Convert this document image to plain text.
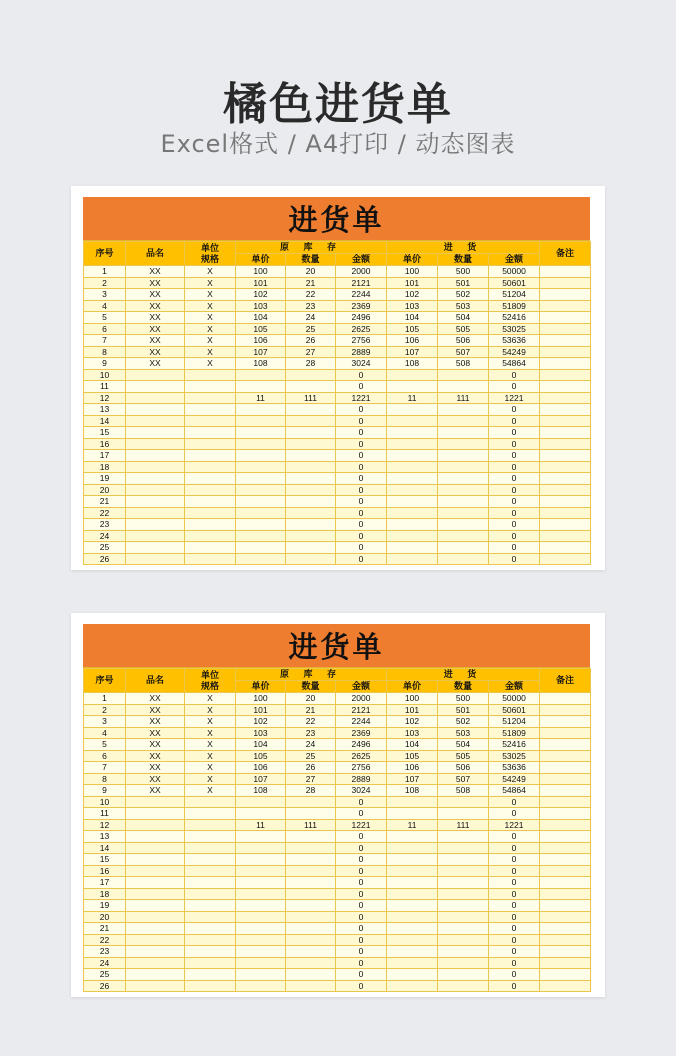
橘色进货单
Excel格式 / A4打印 / 动态图表
进货单
序号	品名	单位规格	原 库 存			进 货			备注
			单价	数量	金额	单价	数量	金额	
1	XX	X	100	20	2000	100	500	50000	
2	XX	X	101	21	2121	101	501	50601	
3	XX	X	102	22	2244	102	502	51204	
4	XX	X	103	23	2369	103	503	51809	
5	XX	X	104	24	2496	104	504	52416	
6	XX	X	105	25	2625	105	505	53025	
7	XX	X	106	26	2756	106	506	53636	
8	XX	X	107	27	2889	107	507	54249	
9	XX	X	108	28	3024	108	508	54864	
10					0			0	
11					0			0	
12			11	111	1221	11	111	1221	
13					0			0	
14					0			0	
15					0			0	
16					0			0	
17					0			0	
18					0			0	
19					0			0	
20					0			0	
21					0			0	
22					0			0	
23					0			0	
24					0			0	
25					0			0	
26					0			0	
进货单
序号	品名	单位规格	原 库 存			进 货			备注
			单价	数量	金额	单价	数量	金额	
1	XX	X	100	20	2000	100	500	50000	
2	XX	X	101	21	2121	101	501	50601	
3	XX	X	102	22	2244	102	502	51204	
4	XX	X	103	23	2369	103	503	51809	
5	XX	X	104	24	2496	104	504	52416	
6	XX	X	105	25	2625	105	505	53025	
7	XX	X	106	26	2756	106	506	53636	
8	XX	X	107	27	2889	107	507	54249	
9	XX	X	108	28	3024	108	508	54864	
10					0			0	
11					0			0	
12			11	111	1221	11	111	1221	
13					0			0	
14					0			0	
15					0			0	
16					0			0	
17					0			0	
18					0			0	
19					0			0	
20					0			0	
21					0			0	
22					0			0	
23					0			0	
24					0			0	
25					0			0	
26					0			0	
